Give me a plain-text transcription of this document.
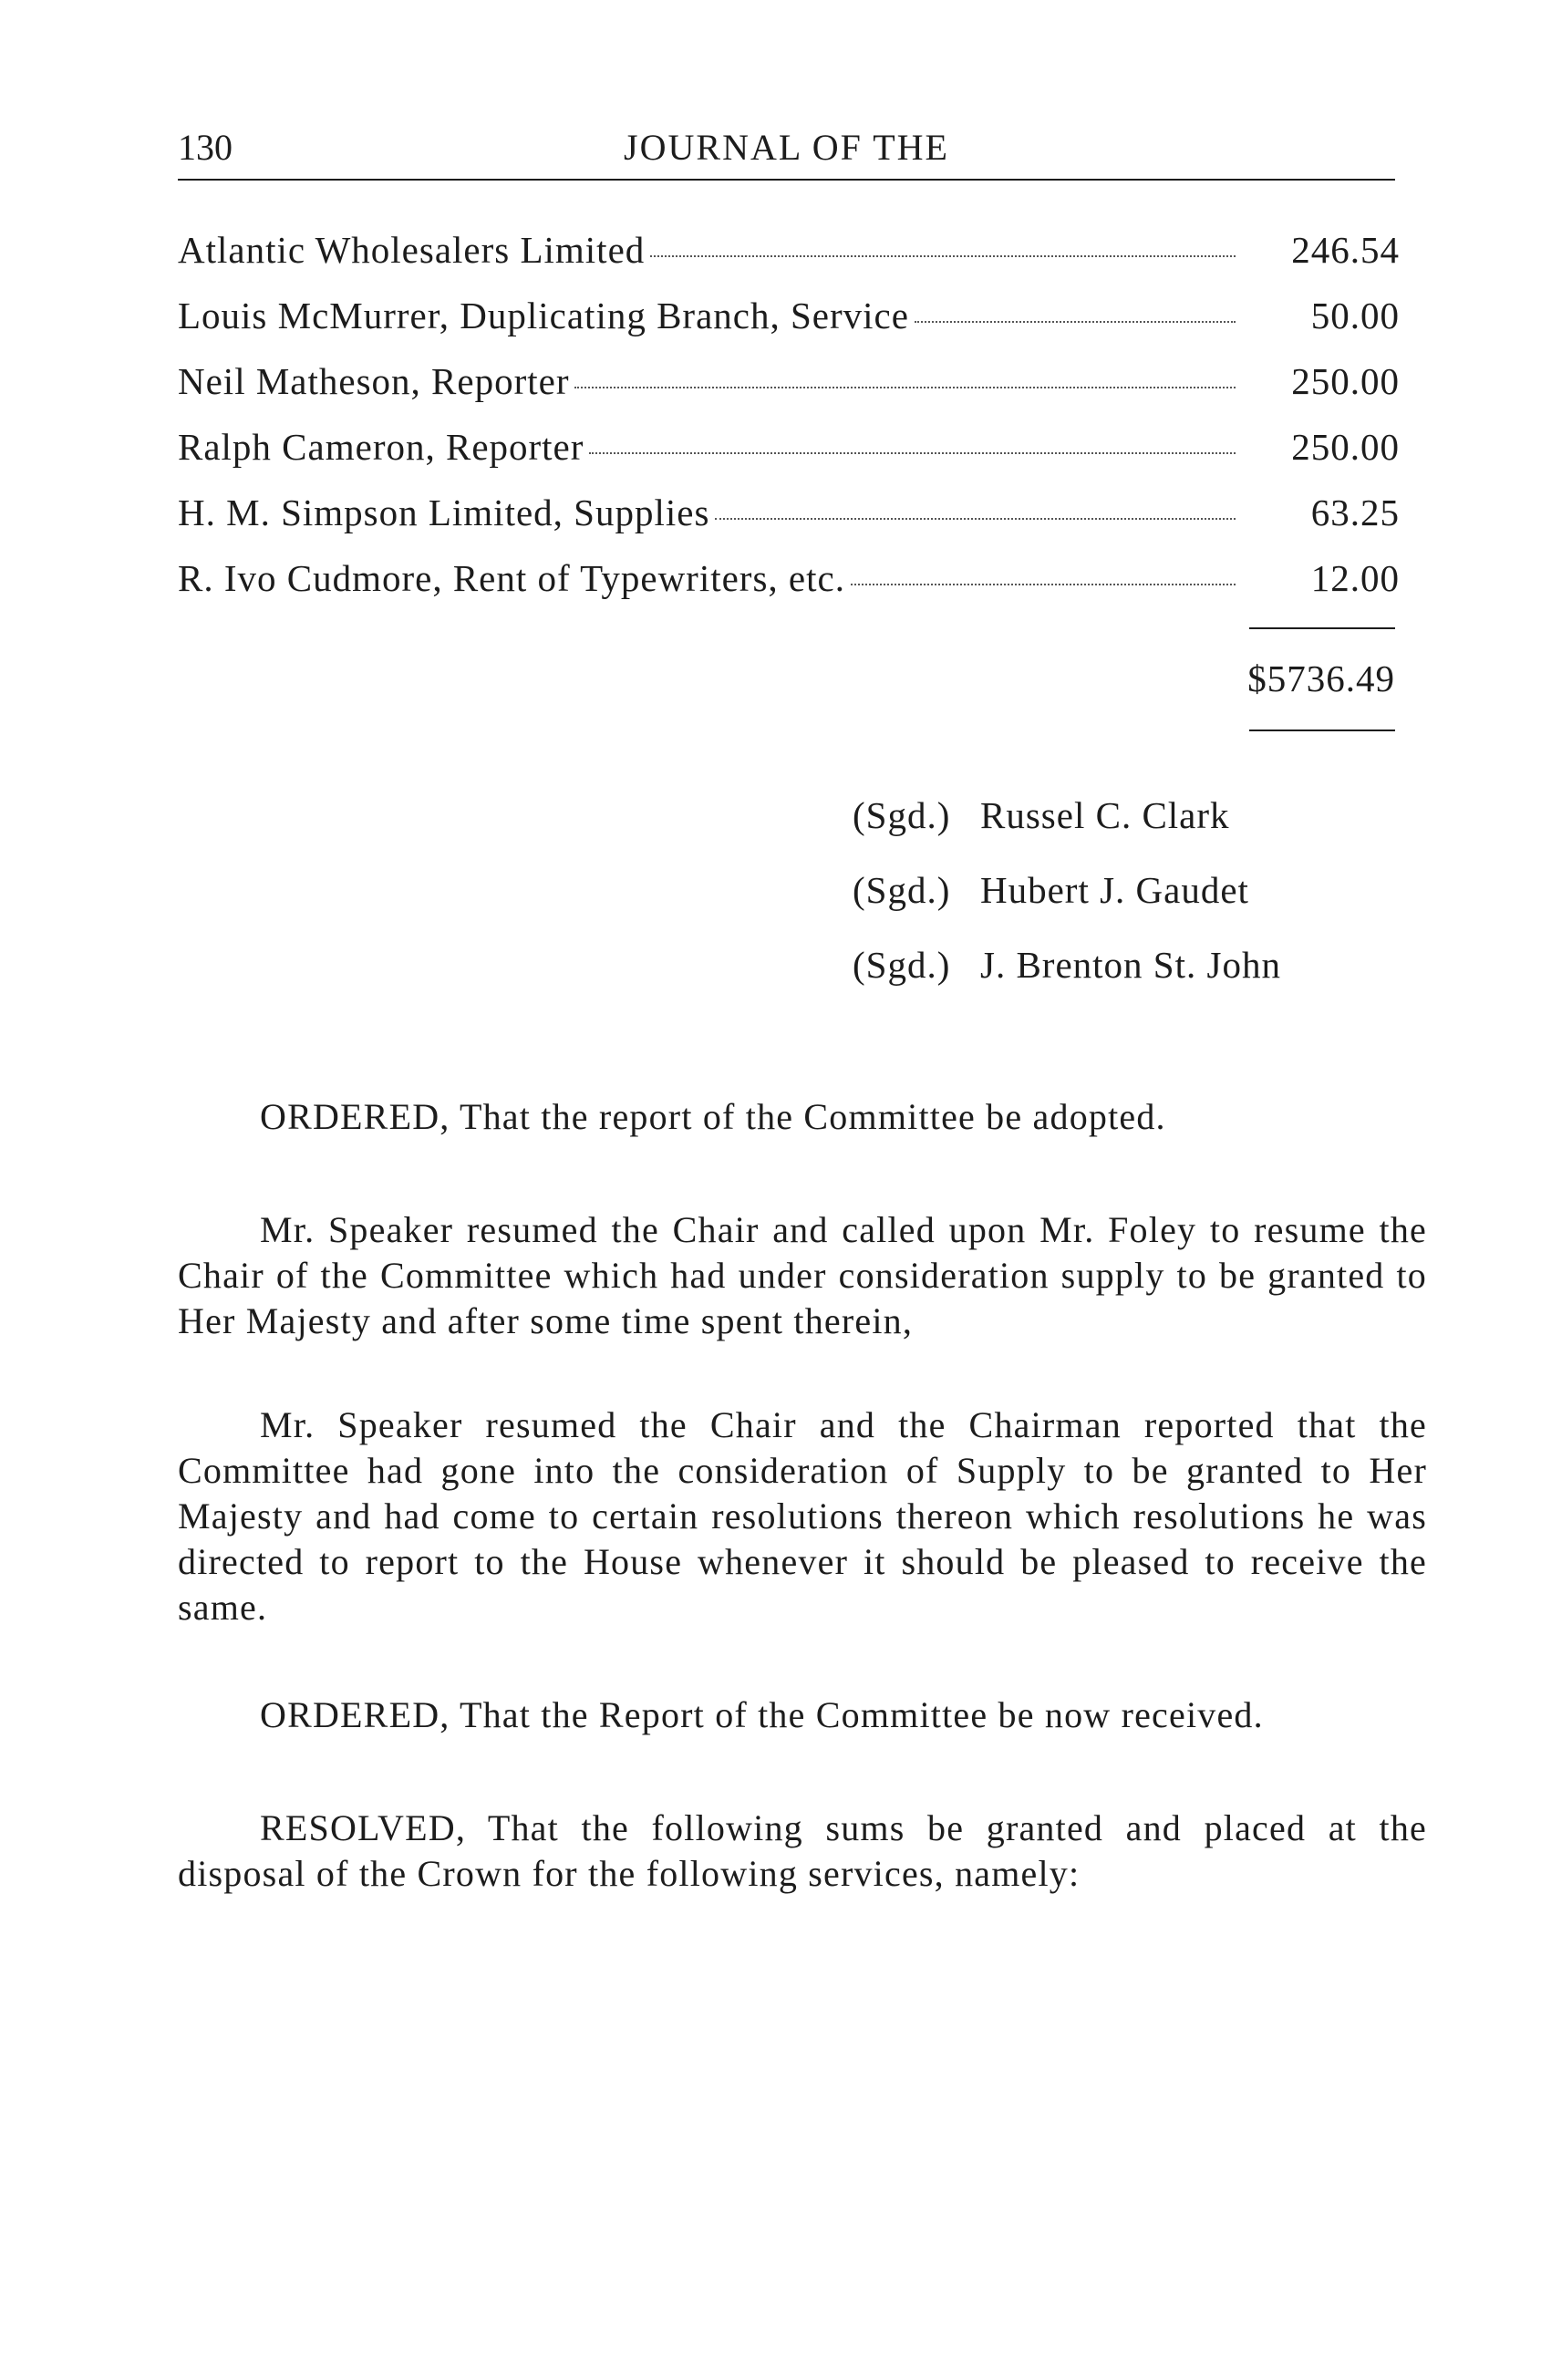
130	JOURNAL OF THE
Atlantic Wholesalers Limited	246.54
Louis McMurrer, Duplicating Branch, Service	50.00
Neil Matheson, Reporter	250.00
Ralph Cameron, Reporter	250.00
H. M. Simpson Limited, Supplies	63.25
R. Ivo Cudmore, Rent of Typewriters, etc.	12.00
$5736.49
(Sgd.) Russel C. Clark
(Sgd.) Hubert J. Gaudet
(Sgd.) J. Brenton St. John

ORDERED, That the report of the Committee be adopted.

Mr. Speaker resumed the Chair and called upon Mr. Foley to resume the Chair of the Committee which had under consideration supply to be granted to Her Majesty and after some time spent therein,

Mr. Speaker resumed the Chair and the Chairman reported that the Committee had gone into the consideration of Supply to be granted to Her Majesty and had come to certain resolutions thereon which resolutions he was directed to report to the House whenever it should be pleased to receive the same.

ORDERED, That the Report of the Committee be now received.

RESOLVED, That the following sums be granted and placed at the disposal of the Crown for the following services, namely:
